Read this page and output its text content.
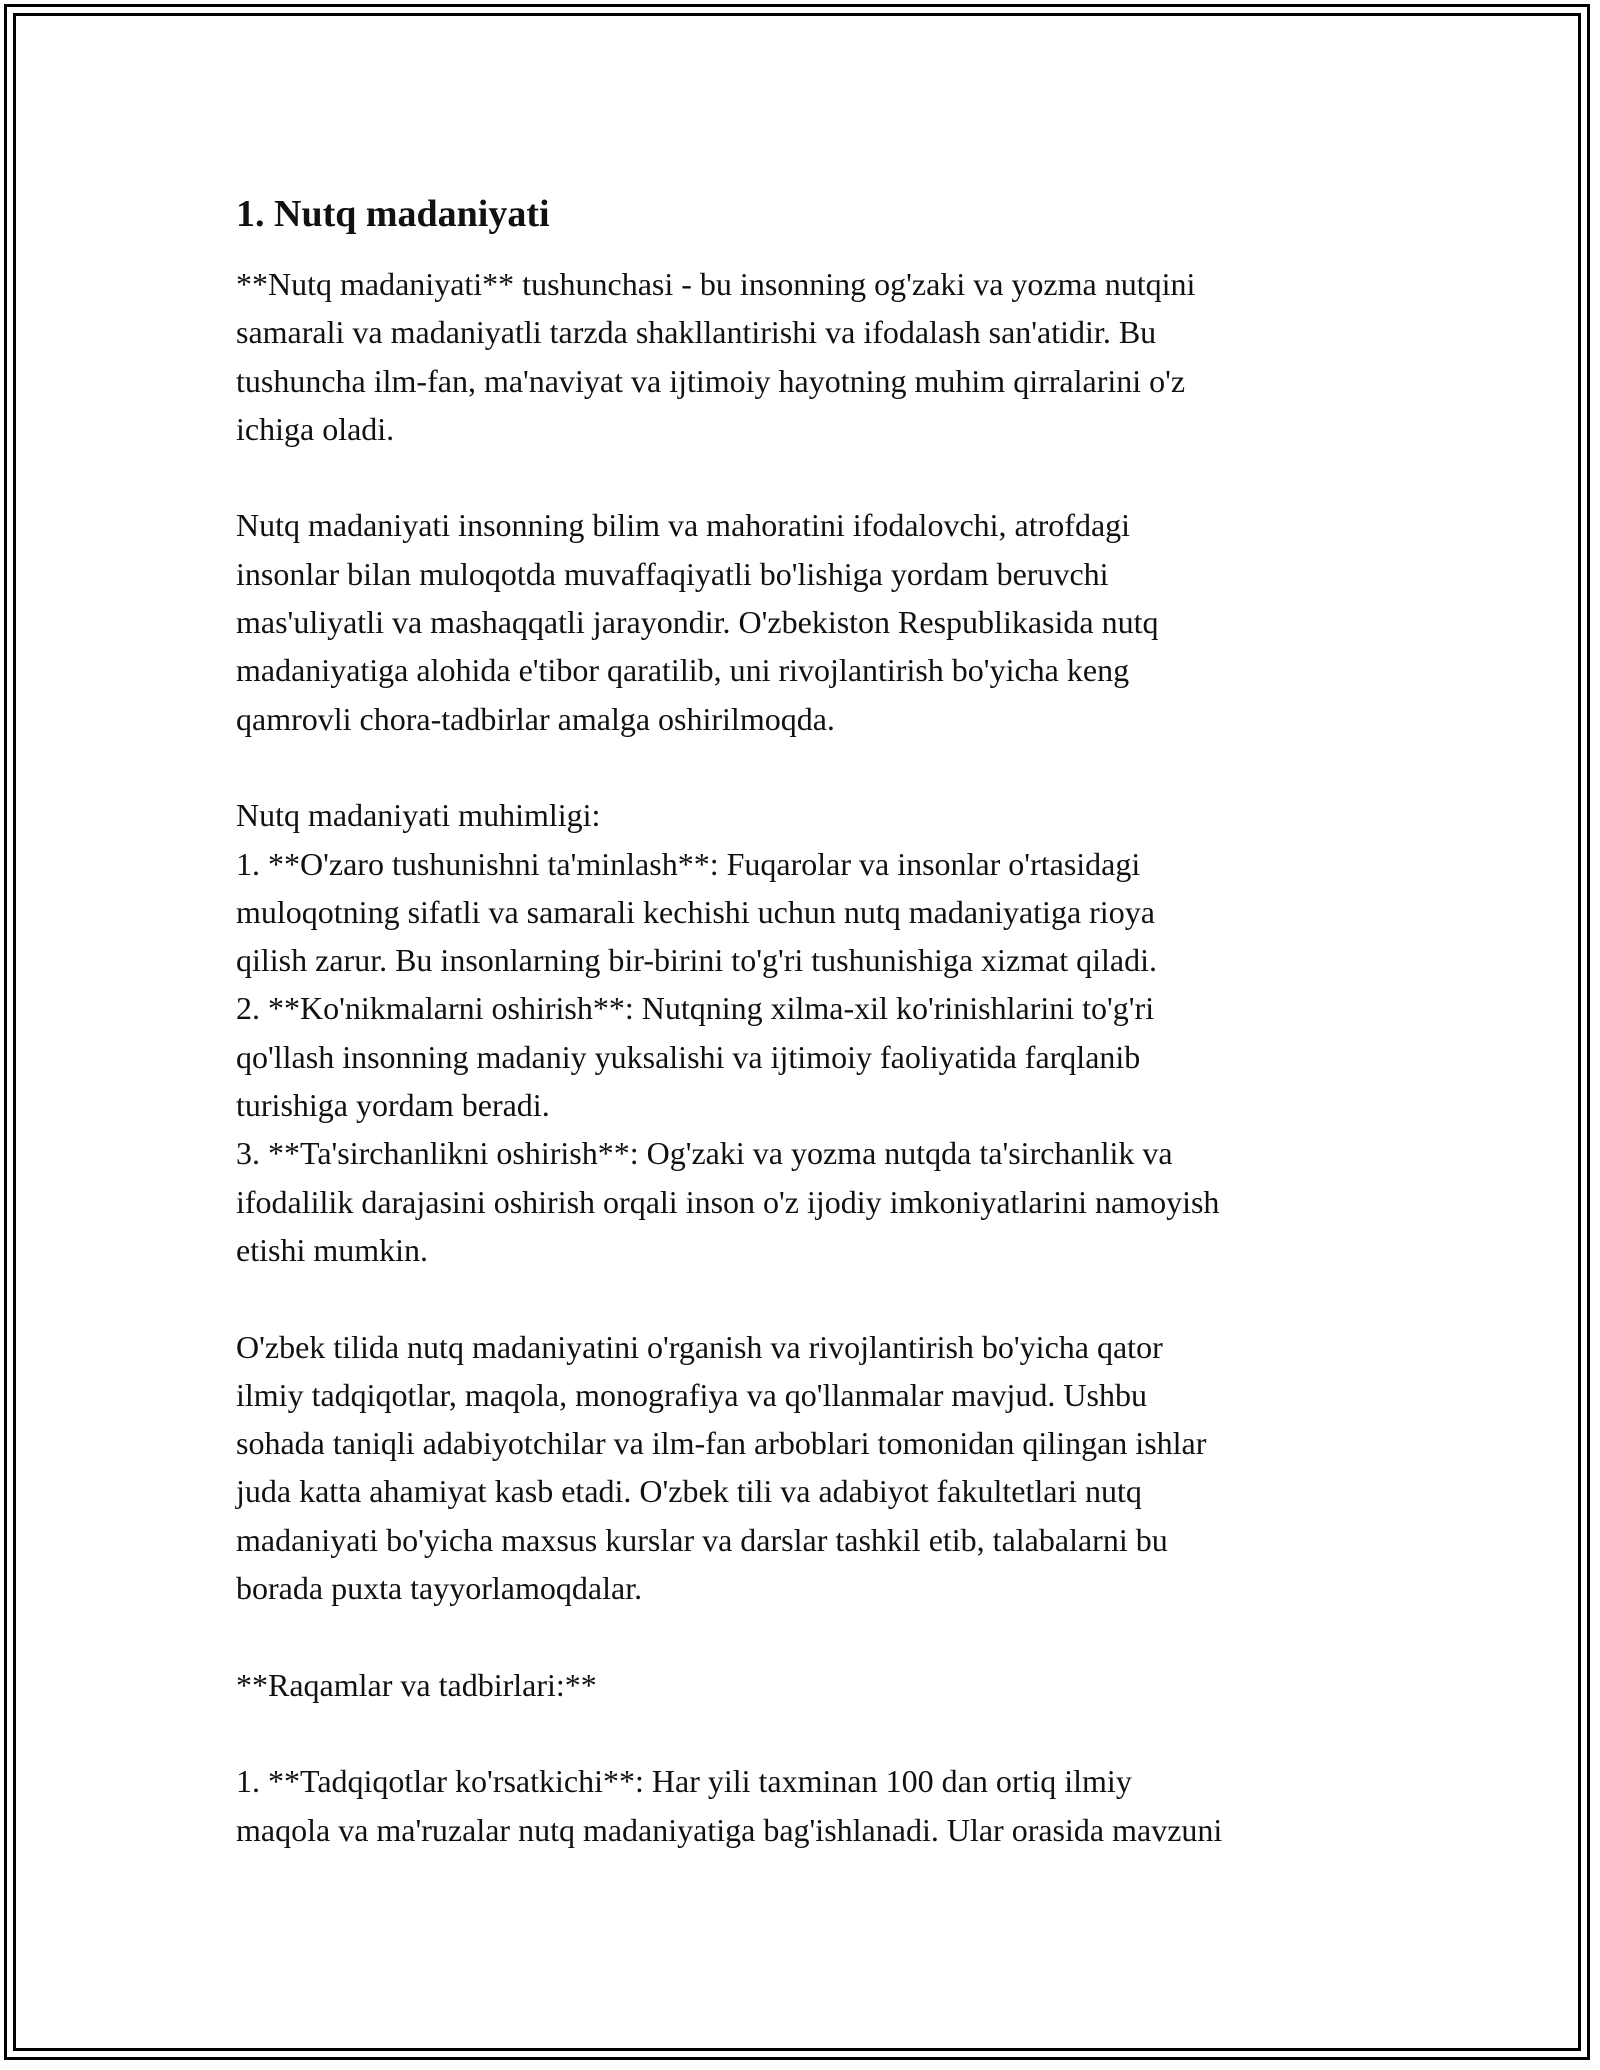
1. Nutq madaniyati
**Nutq madaniyati** tushunchasi - bu insonning og'zaki va yozma nutqini
samarali va madaniyatli tarzda shakllantirishi va ifodalash san'atidir. Bu
tushuncha ilm-fan, ma'naviyat va ijtimoiy hayotning muhim qirralarini o'z
ichiga oladi.
Nutq madaniyati insonning bilim va mahoratini ifodalovchi, atrofdagi
insonlar bilan muloqotda muvaffaqiyatli bo'lishiga yordam beruvchi
mas'uliyatli va mashaqqatli jarayondir. O'zbekiston Respublikasida nutq
madaniyatiga alohida e'tibor qaratilib, uni rivojlantirish bo'yicha keng
qamrovli chora-tadbirlar amalga oshirilmoqda.
Nutq madaniyati muhimligi:
1. **O'zaro tushunishni ta'minlash**: Fuqarolar va insonlar o'rtasidagi
muloqotning sifatli va samarali kechishi uchun nutq madaniyatiga rioya
qilish zarur. Bu insonlarning bir-birini to'g'ri tushunishiga xizmat qiladi.
2. **Ko'nikmalarni oshirish**: Nutqning xilma-xil ko'rinishlarini to'g'ri
qo'llash insonning madaniy yuksalishi va ijtimoiy faoliyatida farqlanib
turishiga yordam beradi.
3. **Ta'sirchanlikni oshirish**: Og'zaki va yozma nutqda ta'sirchanlik va
ifodalilik darajasini oshirish orqali inson o'z ijodiy imkoniyatlarini namoyish
etishi mumkin.
O'zbek tilida nutq madaniyatini o'rganish va rivojlantirish bo'yicha qator
ilmiy tadqiqotlar, maqola, monografiya va qo'llanmalar mavjud. Ushbu
sohada taniqli adabiyotchilar va ilm-fan arboblari tomonidan qilingan ishlar
juda katta ahamiyat kasb etadi. O'zbek tili va adabiyot fakultetlari nutq
madaniyati bo'yicha maxsus kurslar va darslar tashkil etib, talabalarni bu
borada puxta tayyorlamoqdalar.
**Raqamlar va tadbirlari:**
1. **Tadqiqotlar ko'rsatkichi**: Har yili taxminan 100 dan ortiq ilmiy
maqola va ma'ruzalar nutq madaniyatiga bag'ishlanadi. Ular orasida mavzuni
